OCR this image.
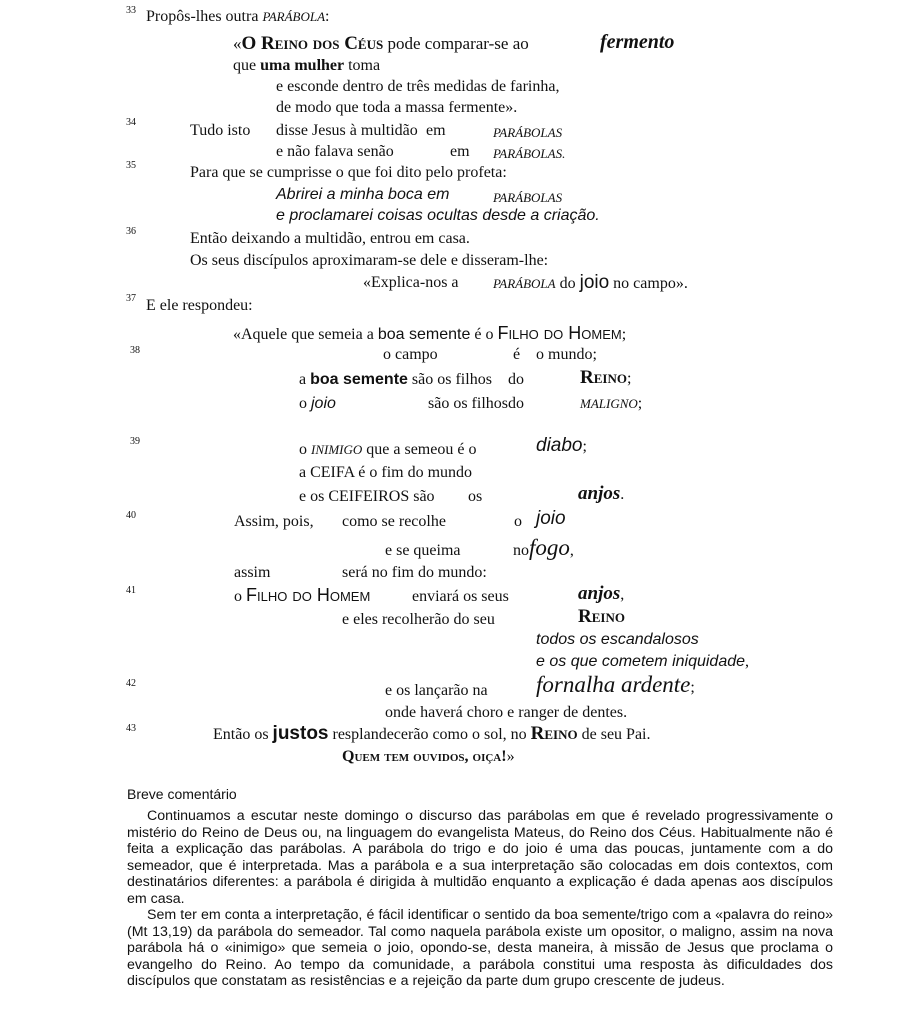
33 Propôs-lhes outra PARÁBOLA:
«O Reino dos Céus pode comparar-se ao	fermento
que uma mulher toma
e esconde dentro de três medidas de farinha,
de modo que toda a massa fermente».
34	Tudo isto disse Jesus à multidão em	PARÁBOLAS
e não falava senão	em PARÁBOLAS.
35	Para que se cumprisse o que foi dito pelo profeta:
Abrirei a minha boca em	PARÁBOLAS
e proclamarei coisas ocultas desde a criação.
36	Então deixando a multidão, entrou em casa.
Os seus discípulos aproximaram-se dele e disseram-lhe:
«Explica-nos a	PARÁBOLA do joio no campo».
37 E ele respondeu:
«Aquele que semeia a boa semente é o Filho do Homem;
38	o campo	é o mundo;
a boa semente são os filhos do	Reino;
o joio	são os filhos do	MALIGNO;
39	o INIMIGO que a semeou é o	diabo;
a CEIFA é o fim do mundo
e os CEIFEIROS são os	anjos.
40	Assim, pois, como se recolhe	o joio
e se queima	nofogo,
assim	será no fim do mundo:
41	o Filho do Homem	enviará os seus	anjos,
e eles recolherão do seu	Reino
todos os escandalosos
e os que cometem iniquidade,
42	e os lançarão na fornalha ardente;
onde haverá choro e ranger de dentes.
43	Então os justos resplandecerão como o sol, no Reino de seu Pai.
Quem tem ouvidos, oiça!»
Breve comentário

Continuamos a escutar neste domingo o discurso das parábolas em que é revelado progressivamente o mistério do Reino de Deus ou, na linguagem do evangelista Mateus, do Reino dos Céus. Habitualmente não é feita a explicação das parábolas. A parábola do trigo e do joio é uma das poucas, juntamente com a do semeador, que é interpretada. Mas a parábola e a sua interpretação são colocadas em dois contextos, com destinatários diferentes: a parábola é dirigida à multidão enquanto a explicação é dada apenas aos discípulos em casa.

Sem ter em conta a interpretação, é fácil identificar o sentido da boa semente/trigo com a «palavra do reino» (Mt 13,19) da parábola do semeador. Tal como naquela parábola existe um opositor, o maligno, assim na nova parábola há o «inimigo» que semeia o joio, opondo-se, desta maneira, à missão de Jesus que proclama o evangelho do Reino. Ao tempo da comunidade, a parábola constitui uma resposta às dificuldades dos discípulos que constatam as resistências e a rejeição da parte dum grupo crescente de judeus.
